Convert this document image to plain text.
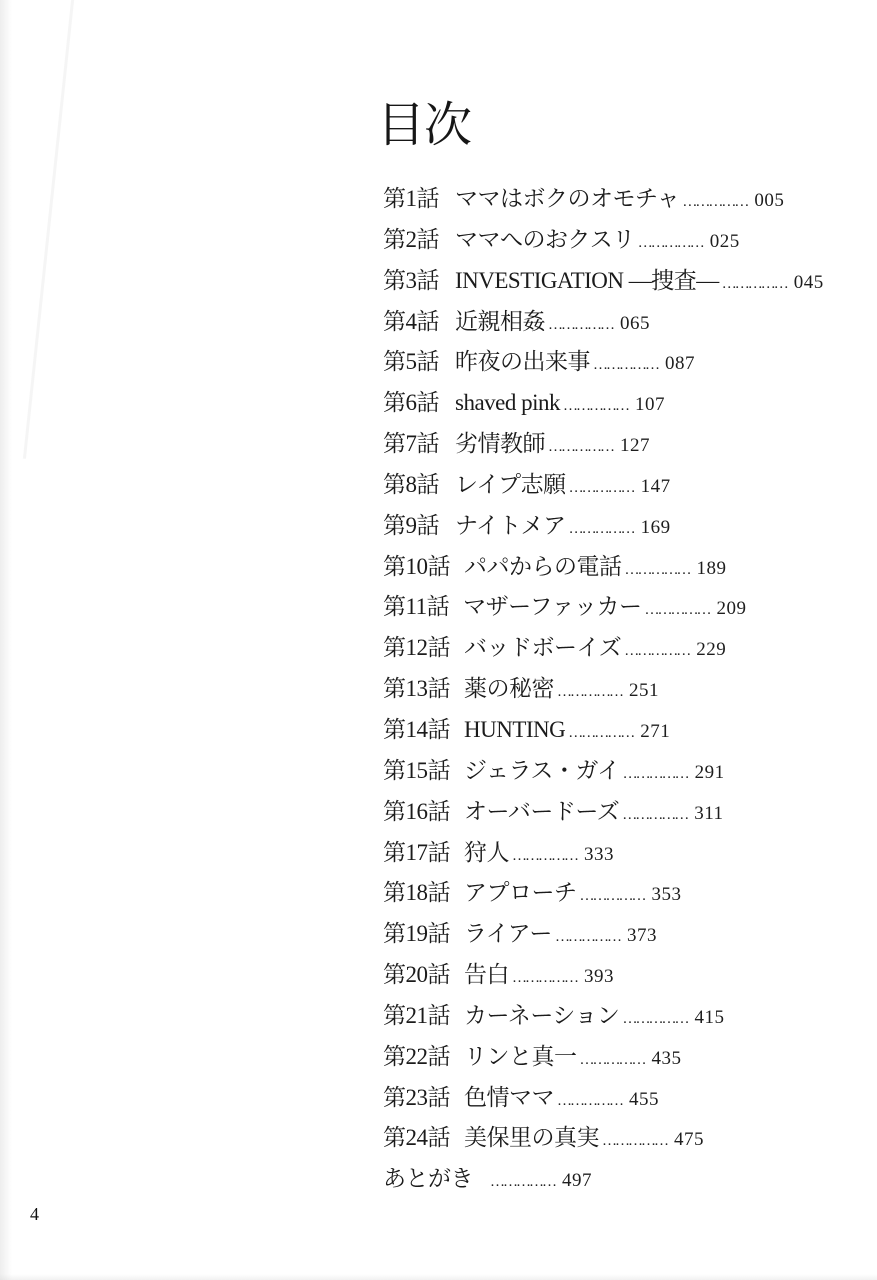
目次
第1話 ママはボクのオモチャ …………… 005
第2話 ママへのおクスリ …………… 025
第3話 INVESTIGATION ―捜査― …………… 045
第4話 近親相姦 …………… 065
第5話 昨夜の出来事 …………… 087
第6話 shaved pink …………… 107
第7話 劣情教師 …………… 127
第8話 レイプ志願 …………… 147
第9話 ナイトメア …………… 169
第10話 パパからの電話 …………… 189
第11話 マザーファッカー …………… 209
第12話 バッドボーイズ …………… 229
第13話 薬の秘密 …………… 251
第14話 HUNTING …………… 271
第15話 ジェラス・ガイ …………… 291
第16話 オーバードーズ …………… 311
第17話 狩人 …………… 333
第18話 アプローチ …………… 353
第19話 ライアー …………… 373
第20話 告白 …………… 393
第21話 カーネーション …………… 415
第22話 リンと真一 …………… 435
第23話 色情ママ …………… 455
第24話 美保里の真実 …………… 475
あとがき …………… 497
4
